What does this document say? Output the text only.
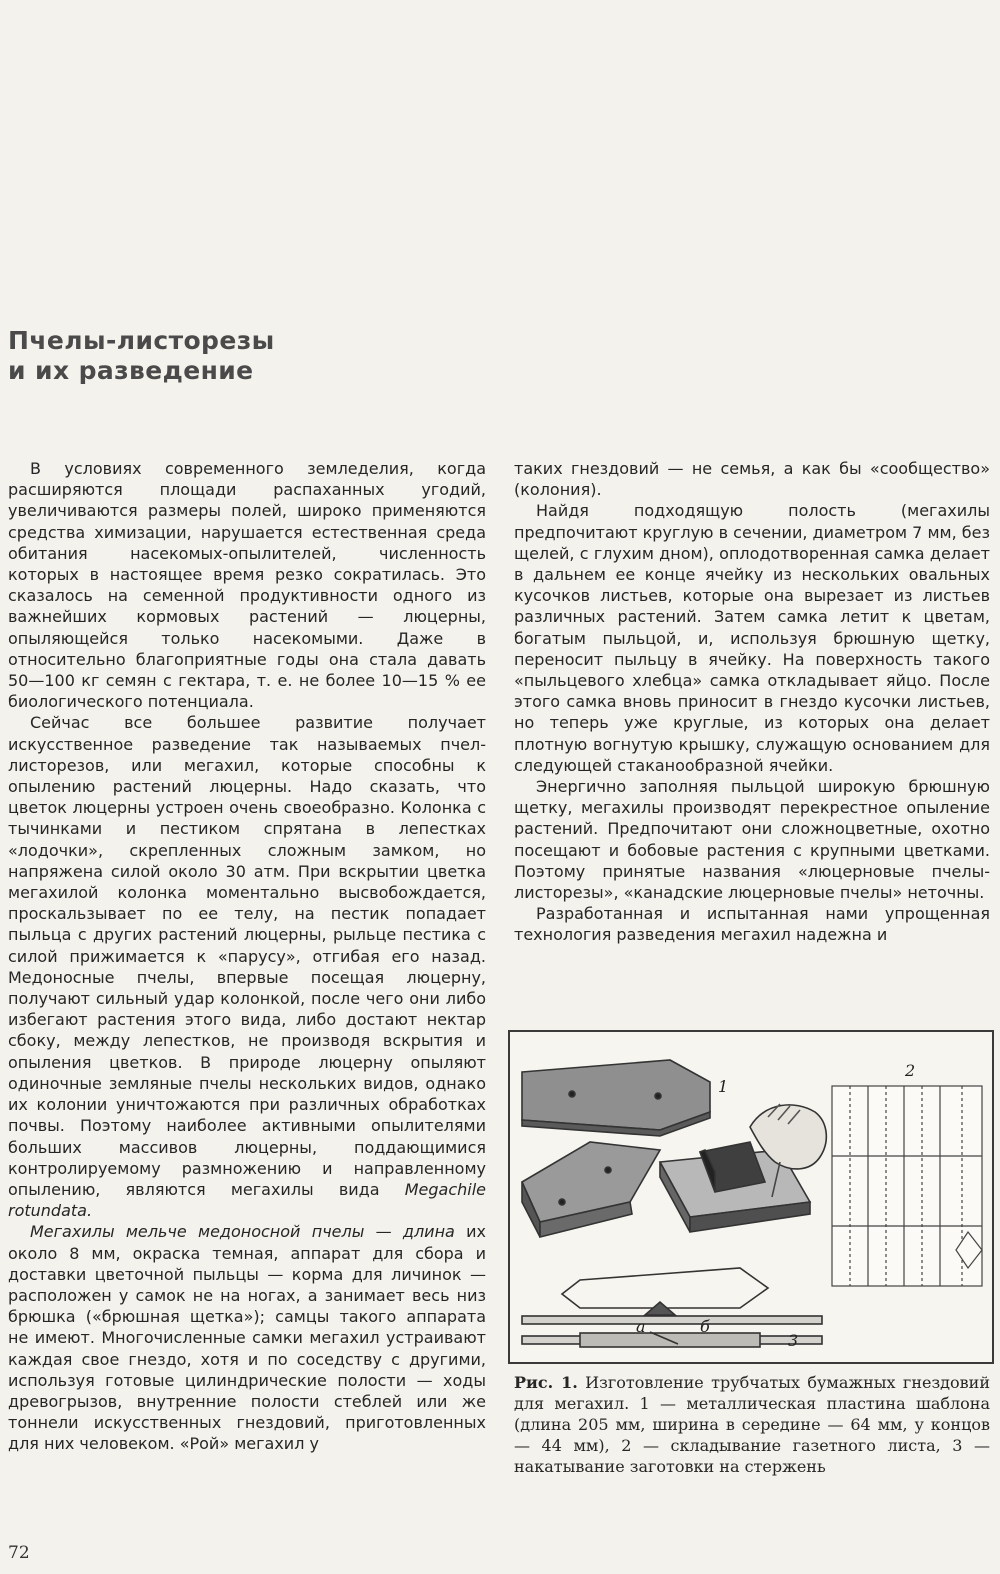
Пчелы-листорезы
и их разведение

В условиях современного земледелия, когда расширяются площади распаханных угодий, увеличиваются размеры полей, широко применяются средства химизации, нарушается естественная среда обитания насекомых-опылителей, численность которых в настоящее время резко сократилась. Это сказалось на семенной продуктивности одного из важнейших кормовых растений — люцерны, опыляющейся только насекомыми. Даже в относительно благоприятные годы она стала давать 50—100 кг семян с гектара, т. е. не более 10—15 % ее биологического потенциала.

Сейчас все большее развитие получает искусственное разведение так называемых пчел-листорезов, или мегахил, которые способны к опылению растений люцерны. Надо сказать, что цветок люцерны устроен очень своеобразно. Колонка с тычинками и пестиком спрятана в лепестках «лодочки», скрепленных сложным замком, но напряжена силой около 30 атм. При вскрытии цветка мегахилой колонка моментально высвобождается, проскальзывает по ее телу, на пестик попадает пыльца с других растений люцерны, рыльце пестика с силой прижимается к «парусу», отгибая его назад. Медоносные пчелы, впервые посещая люцерну, получают сильный удар колонкой, после чего они либо избегают растения этого вида, либо достают нектар сбоку, между лепестков, не производя вскрытия и опыления цветков. В природе люцерну опыляют одиночные земляные пчелы нескольких видов, однако их колонии уничтожаются при различных обработках почвы. Поэтому наиболее активными опылителями больших массивов люцерны, поддающимися контролируемому размножению и направленному опылению, являются мегахилы вида Megachile rotundata.

Мегахилы мельче медоносной пчелы — длина их около 8 мм, окраска темная, аппарат для сбора и доставки цветочной пыльцы — корма для личинок — расположен у самок не на ногах, а занимает весь низ брюшка («брюшная щетка»); самцы такого аппарата не имеют. Многочисленные самки мегахил устраивают каждая свое гнездо, хотя и по соседству с другими, используя готовые цилиндрические полости — ходы древогрызов, внутренние полости стеблей или же тоннели искусственных гнездовий, приготовленных для них человеком. «Рой» мегахил у

таких гнездовий — не семья, а как бы «сообщество» (колония).

Найдя подходящую полость (мегахилы предпочитают круглую в сечении, диаметром 7 мм, без щелей, с глухим дном), оплодотворенная самка делает в дальнем ее конце ячейку из нескольких овальных кусочков листьев, которые она вырезает из листьев различных растений. Затем самка летит к цветам, богатым пыльцой, и, используя брюшную щетку, переносит пыльцу в ячейку. На поверхность такого «пыльцевого хлебца» самка откладывает яйцо. После этого самка вновь приносит в гнездо кусочки листьев, но теперь уже круглые, из которых она делает плотную вогнутую крышку, служащую основанием для следующей стаканообразной ячейки.

Энергично заполняя пыльцой широкую брюшную щетку, мегахилы производят перекрестное опыление растений. Предпочитают они сложноцветные, охотно посещают и бобовые растения с крупными цветками. Поэтому принятые названия «люцерновые пчелы-листорезы», «канадские люцерновые пчелы» неточны.

Разработанная и испытанная нами упрощенная технология разведения мегахил надежна и

1
2
3
а	б
Рис. 1. Изготовление трубчатых бумажных гнездовий для мегахил. 1 — металлическая пластина шаблона (длина 205 мм, ширина в середине — 64 мм, у концов — 44 мм), 2 — складывание газетного листа, 3 — накатывание заготовки на стержень
72
